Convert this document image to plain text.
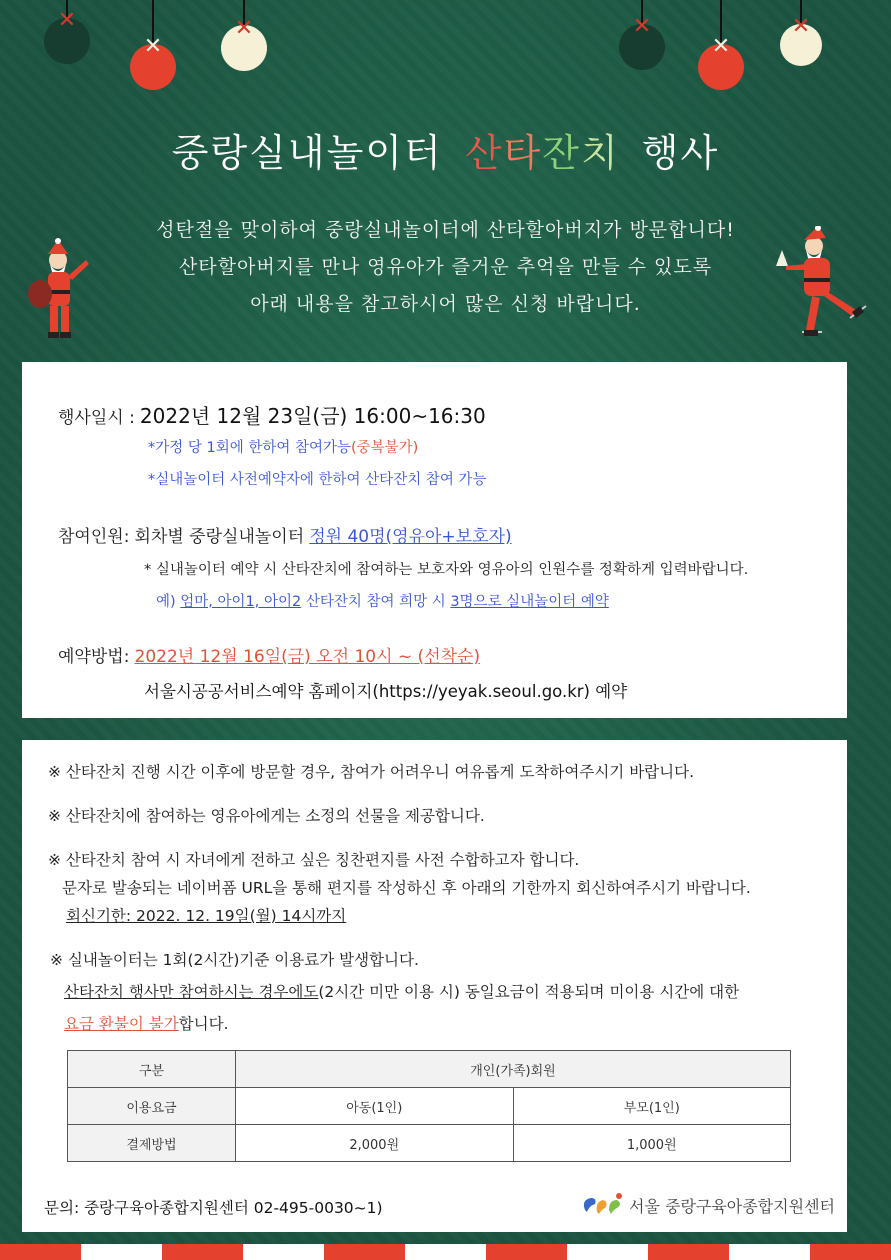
✕
✕
✕	✕
✕
✕
중랑실내놀이터 산타잔치 행사
성탄절을 맞이하여 중랑실내놀이터에 산타할아버지가 방문합니다!
산타할아버지를 만나 영유아가 즐거운 추억을 만들 수 있도록
아래 내용을 참고하시어 많은 신청 바랍니다.
행사일시 : 2022년 12월 23일(금) 16:00~16:30
*가정 당 1회에 한하여 참여가능(중복불가)
*실내놀이터 사전예약자에 한하여 산타잔치 참여 가능
참여인원: 회차별 중랑실내놀이터 정원 40명(영유아+보호자)
* 실내놀이터 예약 시 산타잔치에 참여하는 보호자와 영유아의 인원수를 정확하게 입력바랍니다.
예) 엄마, 아이1, 아이2 산타잔치 참여 희망 시 3명으로 실내놀이터 예약
예약방법: 2022년 12월 16일(금) 오전 10시 ~ (선착순)
서울시공공서비스예약 홈페이지(https://yeyak.seoul.go.kr) 예약
※ 산타잔치 진행 시간 이후에 방문할 경우, 참여가 어려우니 여유롭게 도착하여주시기 바랍니다.
※ 산타잔치에 참여하는 영유아에게는 소정의 선물을 제공합니다.
※ 산타잔치 참여 시 자녀에게 전하고 싶은 칭찬편지를 사전 수합하고자 합니다.
문자로 발송되는 네이버폼 URL을 통해 편지를 작성하신 후 아래의 기한까지 회신하여주시기 바랍니다.
회신기한: 2022. 12. 19일(월) 14시까지
※ 실내놀이터는 1회(2시간)기준 이용료가 발생합니다.
산타잔치 행사만 참여하시는 경우에도(2시간 미만 이용 시) 동일요금이 적용되며 미이용 시간에 대한
요금 환불이 불가합니다.
구분	개인(가족)회원	
이용요금	아동(1인)	부모(1인)
결제방법	2,000원	1,000원
문의: 중랑구육아종합지원센터 02-495-0030~1)	서울 중랑구육아종합지원센터
